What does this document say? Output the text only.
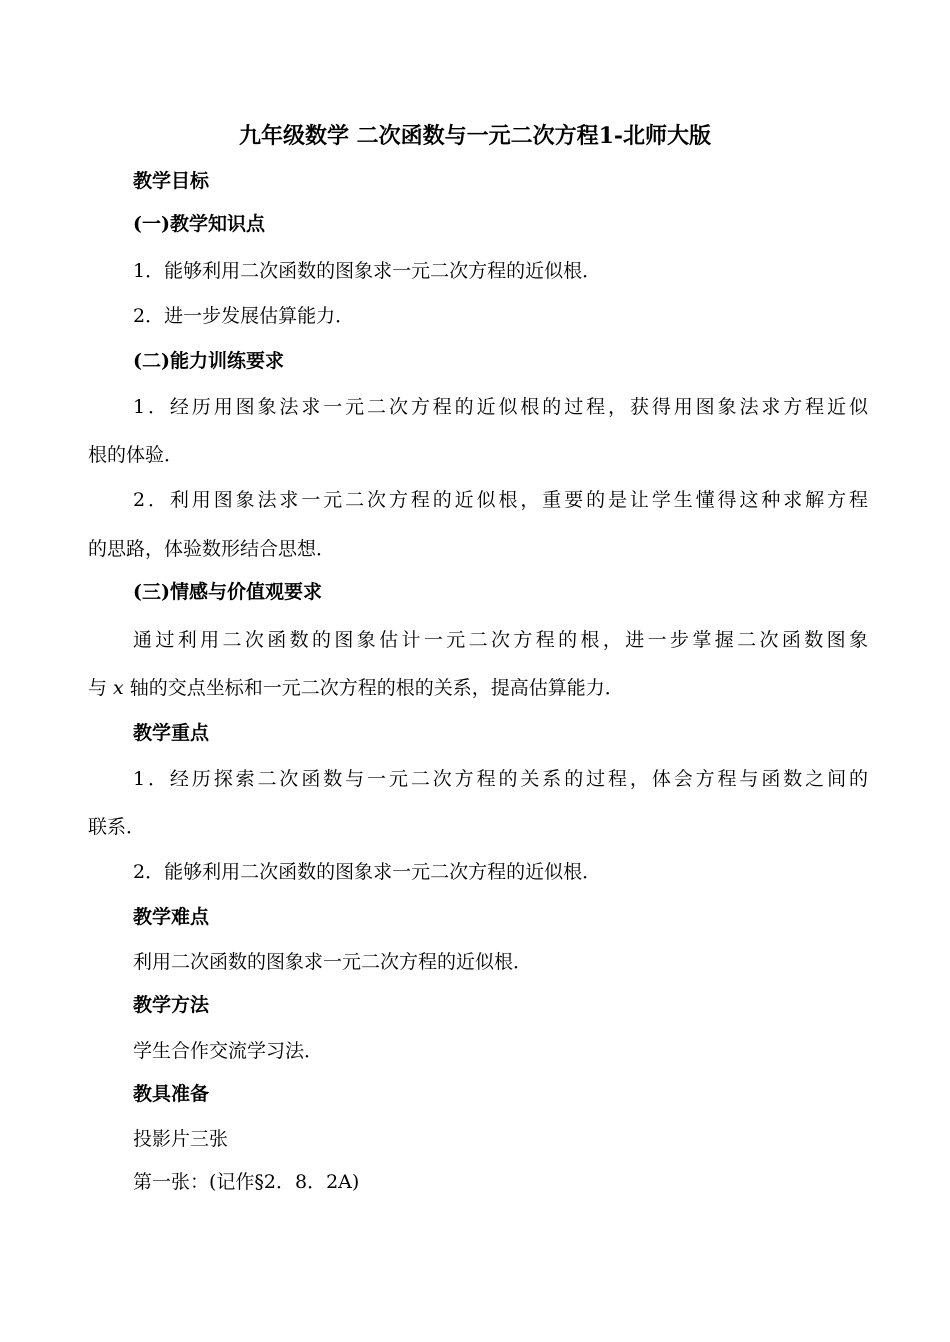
九年级数学 二次函数与一元二次方程1-北师大版
教学目标
(一)教学知识点
1．能够利用二次函数的图象求一元二次方程的近似根．
2．进一步发展估算能力．
(二)能力训练要求
1．经历用图象法求一元二次方程的近似根的过程，获得用图象法求方程近似
根的体验．
2．利用图象法求一元二次方程的近似根，重要的是让学生懂得这种求解方程
的思路，体验数形结合思想．
(三)情感与价值观要求
通过利用二次函数的图象估计一元二次方程的根，进一步掌握二次函数图象
与 x 轴的交点坐标和一元二次方程的根的关系，提高估算能力．
教学重点
1．经历探索二次函数与一元二次方程的关系的过程，体会方程与函数之间的
联系．
2．能够利用二次函数的图象求一元二次方程的近似根．
教学难点
利用二次函数的图象求一元二次方程的近似根．
教学方法
学生合作交流学习法．
教具准备
投影片三张
第一张：(记作§2．8．2A)
